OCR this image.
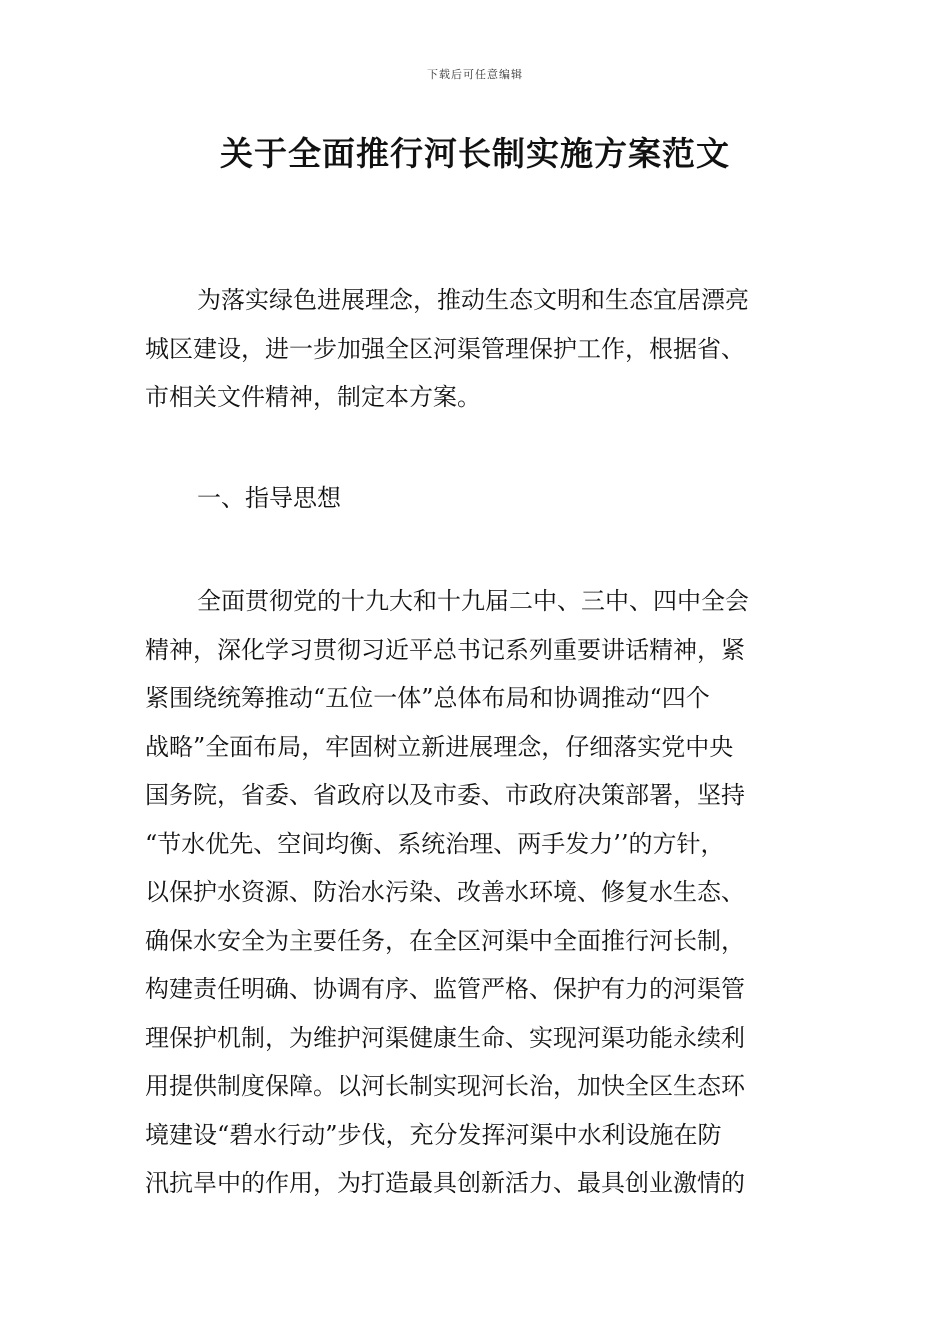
下载后可任意编辑
关于全面推行河长制实施方案范文
为落实绿色进展理念，推动生态文明和生态宜居漂亮
城区建设，进一步加强全区河渠管理保护工作，根据省、
市相关文件精神，制定本方案。
一、指导思想
全面贯彻党的十九大和十九届二中、三中、四中全会
精神，深化学习贯彻习近平总书记系列重要讲话精神，紧
紧围绕统筹推动“五位一体”总体布局和协调推动“四个
战略”全面布局，牢固树立新进展理念，仔细落实党中央
国务院，省委、省政府以及市委、市政府决策部署，坚持
“节水优先、空间均衡、系统治理、两手发力’’的方针，
以保护水资源、防治水污染、改善水环境、修复水生态、
确保水安全为主要任务，在全区河渠中全面推行河长制，
构建责任明确、协调有序、监管严格、保护有力的河渠管
理保护机制，为维护河渠健康生命、实现河渠功能永续利
用提供制度保障。以河长制实现河长治，加快全区生态环
境建设“碧水行动”步伐，充分发挥河渠中水利设施在防
汛抗旱中的作用，为打造最具创新活力、最具创业激情的
